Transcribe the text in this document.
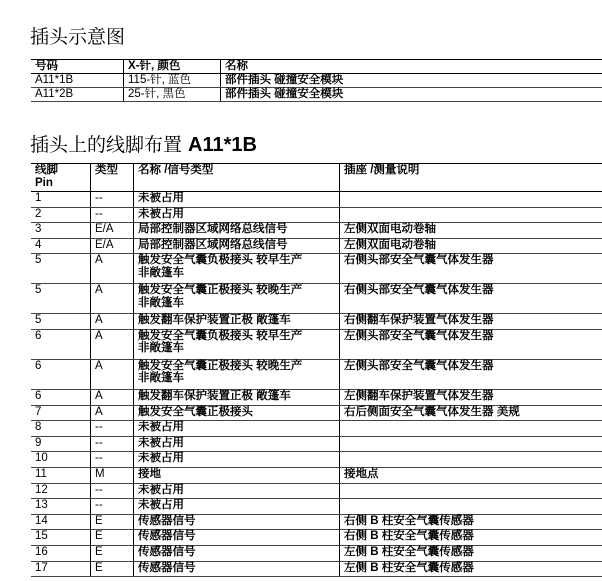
插头示意图
号码	X-针, 颜色	名称
A11*1B	115-针, 蓝色	部件插头 碰撞安全模块
A11*2B	25-针, 黑色	部件插头 碰撞安全模块
插头上的线脚布置 A11*1B
线脚
Pin	类型	名称 /信号类型	插座 /测量说明

1	--	未被占用	

2	--	未被占用	

3	E/A	局部控制器区域网络总线信号	左侧双面电动卷轴

4	E/A	局部控制器区域网络总线信号	左侧双面电动卷轴

5	A	触发安全气囊负极接头 较早生产
非敞篷车	右侧头部安全气囊气体发生器

5	A	触发安全气囊正极接头 较晚生产
非敞篷车	右侧头部安全气囊气体发生器

5	A	触发翻车保护装置正极 敞篷车	右侧翻车保护装置气体发生器

6	A	触发安全气囊负极接头 较早生产
非敞篷车	左侧头部安全气囊气体发生器

6	A	触发安全气囊正极接头 较晚生产
非敞篷车	左侧头部安全气囊气体发生器

6	A	触发翻车保护装置正极 敞篷车	左侧翻车保护装置气体发生器

7	A	触发安全气囊正极接头	右后侧面安全气囊气体发生器 美规

8	--	未被占用	

9	--	未被占用	

10	--	未被占用	

11	M	接地	接地点

12	--	未被占用	

13	--	未被占用	

14	E	传感器信号	右侧 B 柱安全气囊传感器

15	E	传感器信号	右侧 B 柱安全气囊传感器

16	E	传感器信号	左侧 B 柱安全气囊传感器

17	E	传感器信号	左侧 B 柱安全气囊传感器
